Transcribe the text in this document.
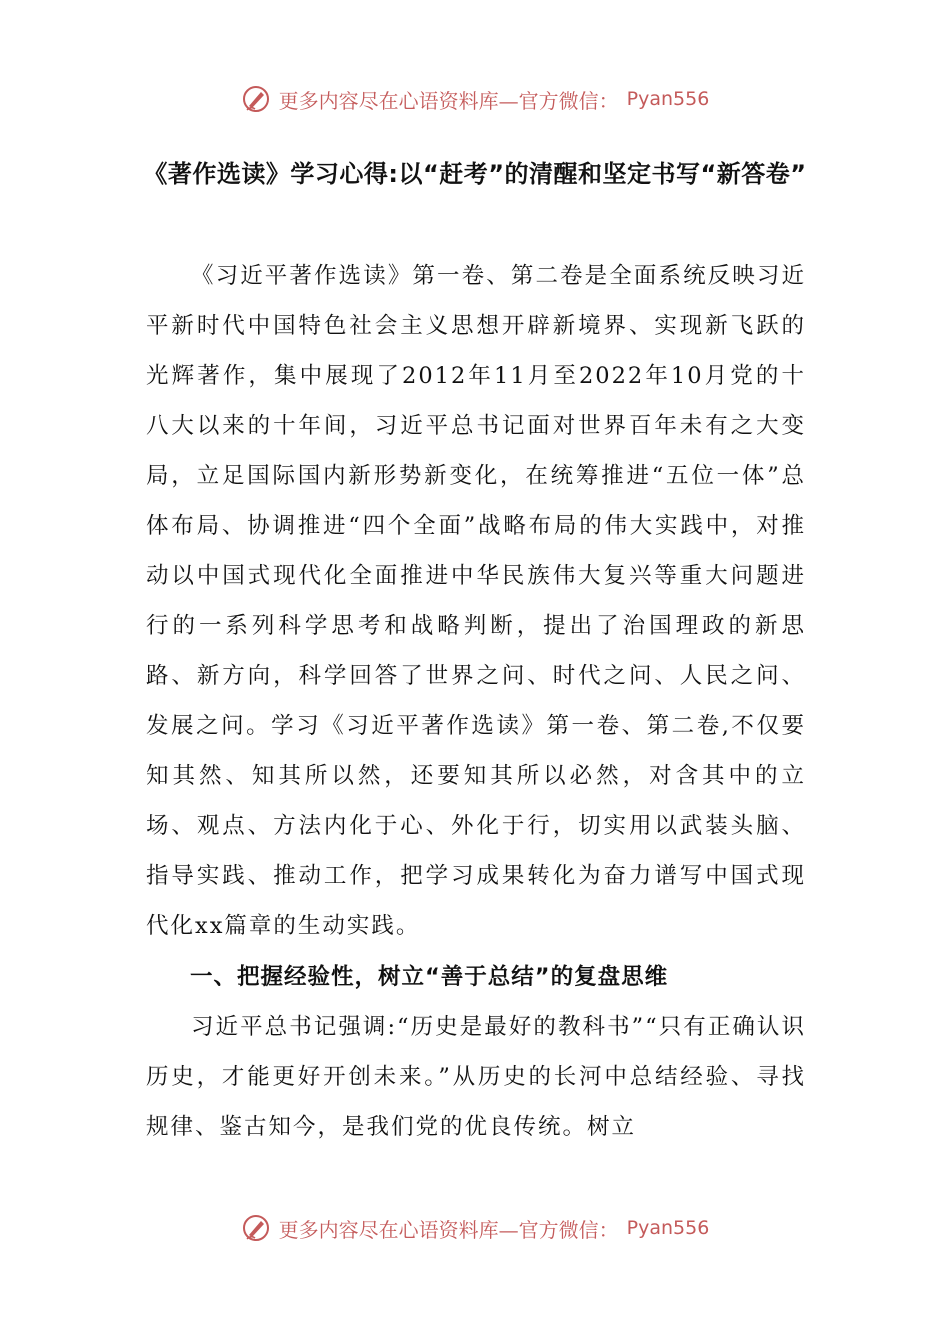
更多内容尽在心语资料库—官方微信： Pyan556
《著作选读》学习心得:以“赶考”的清醒和坚定书写“新答卷”

《习近平著作选读》第一卷、第二卷是全面系统反映习近平新时代中国特色社会主义思想开辟新境界、实现新飞跃的光辉著作，集中展现了2012年11月至2022年10月党的十八大以来的十年间，习近平总书记面对世界百年未有之大变局，立足国际国内新形势新变化，在统筹推进“五位一体”总体布局、协调推进“四个全面”战略布局的伟大实践中，对推动以中国式现代化全面推进中华民族伟大复兴等重大问题进行的一系列科学思考和战略判断，提出了治国理政的新思路、新方向，科学回答了世界之问、时代之问、人民之问、发展之问。学习《习近平著作选读》第一卷、第二卷,不仅要知其然、知其所以然，还要知其所以必然，对含其中的立场、观点、方法内化于心、外化于行，切实用以武装头脑、指导实践、推动工作，把学习成果转化为奋力谱写中国式现代化xx篇章的生动实践。

一、把握经验性，树立“善于总结”的复盘思维

习近平总书记强调:“历史是最好的教科书”“只有正确认识历史，才能更好开创未来。”从历史的长河中总结经验、寻找规律、鉴古知今，是我们党的优良传统。树立

更多内容尽在心语资料库—官方微信： Pyan556
